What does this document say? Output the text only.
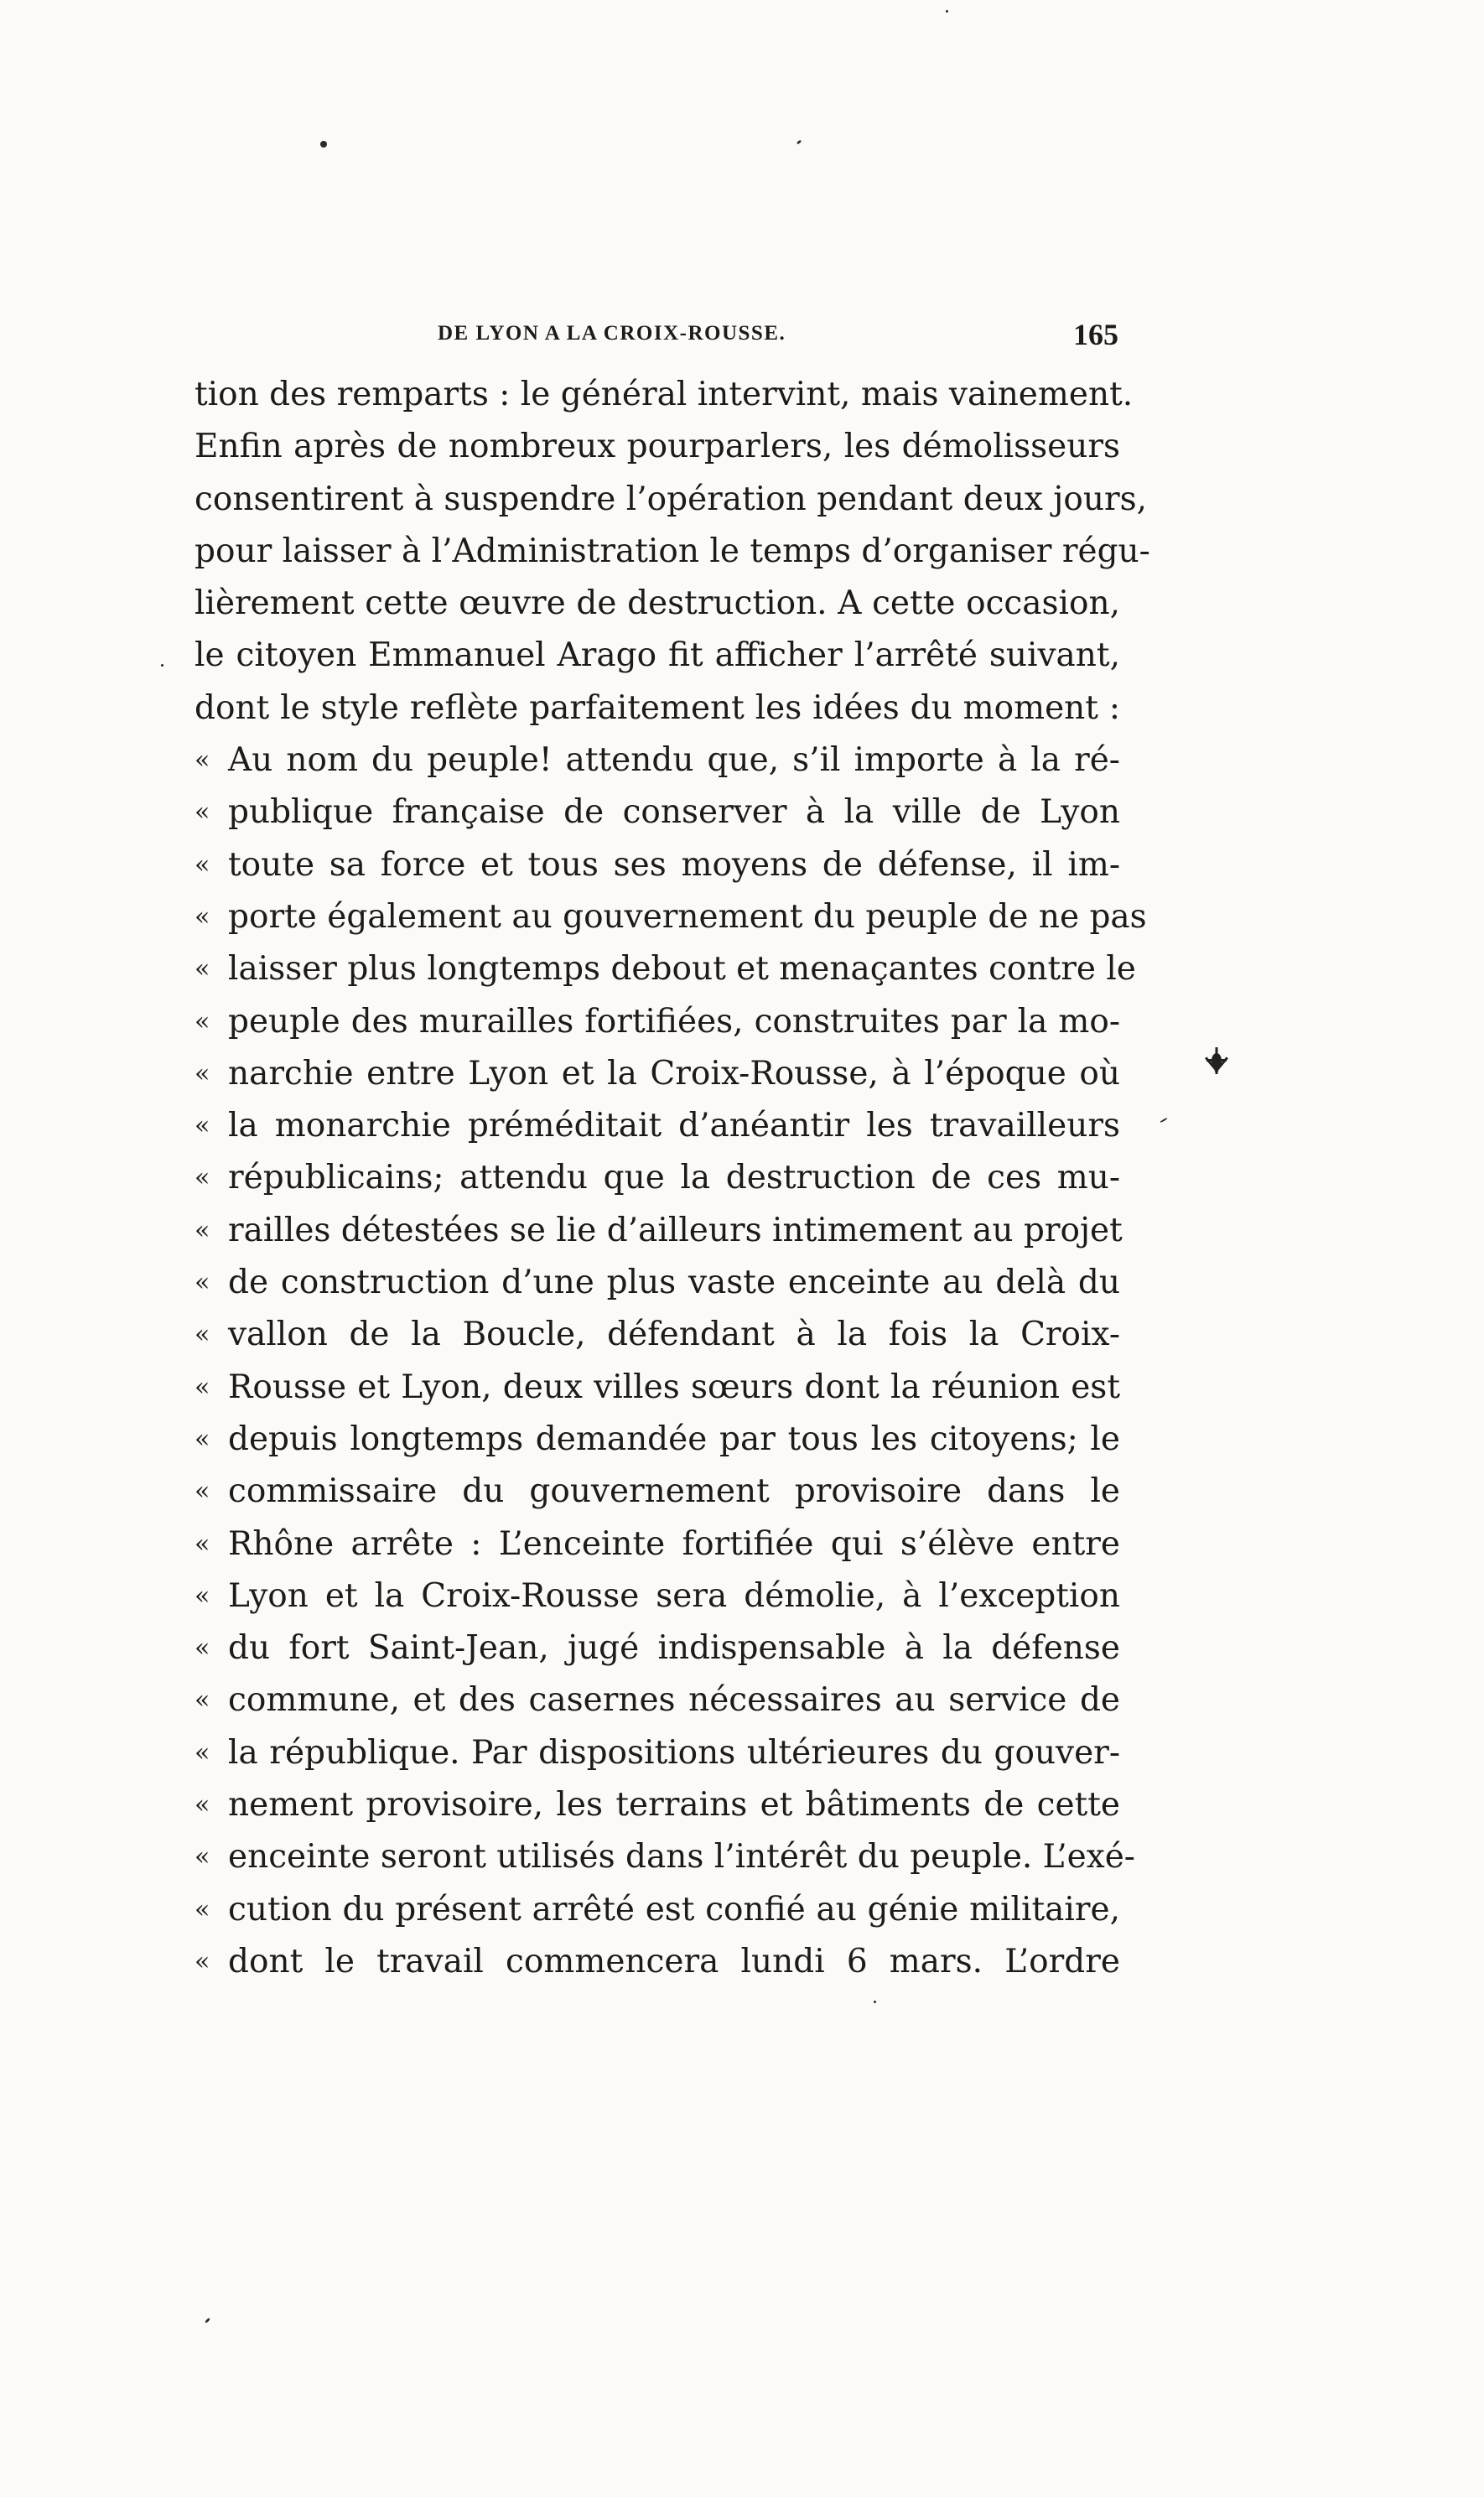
DE LYON A LA CROIX-ROUSSE.	165
tion des remparts : le général intervint, mais vainement.
Enfin après de nombreux pourparlers, les démolisseurs
consentirent à suspendre l’opération pendant deux jours,
pour laisser à l’Administration le temps d’organiser régu-
lièrement cette œuvre de destruction. A cette occasion,
le citoyen Emmanuel Arago fit afficher l’arrêté suivant,
dont le style reflète parfaitement les idées du moment :
« Au nom du peuple! attendu que, s’il importe à la ré-
« publique française de conserver à la ville de Lyon
« toute sa force et tous ses moyens de défense, il im-
« porte également au gouvernement du peuple de ne pas
« laisser plus longtemps debout et menaçantes contre le
« peuple des murailles fortifiées, construites par la mo-
« narchie entre Lyon et la Croix-Rousse, à l’époque où
« la monarchie préméditait d’anéantir les travailleurs
« républicains; attendu que la destruction de ces mu-
« railles détestées se lie d’ailleurs intimement au projet
« de construction d’une plus vaste enceinte au delà du
« vallon de la Boucle, défendant à la fois la Croix-
« Rousse et Lyon, deux villes sœurs dont la réunion est
« depuis longtemps demandée par tous les citoyens; le
« commissaire du gouvernement provisoire dans le
« Rhône arrête : L’enceinte fortifiée qui s’élève entre
« Lyon et la Croix-Rousse sera démolie, à l’exception
« du fort Saint-Jean, jugé indispensable à la défense
« commune, et des casernes nécessaires au service de
« la république. Par dispositions ultérieures du gouver-
« nement provisoire, les terrains et bâtiments de cette
« enceinte seront utilisés dans l’intérêt du peuple. L’exé-
« cution du présent arrêté est confié au génie militaire,
« dont le travail commencera lundi 6 mars. L’ordre
